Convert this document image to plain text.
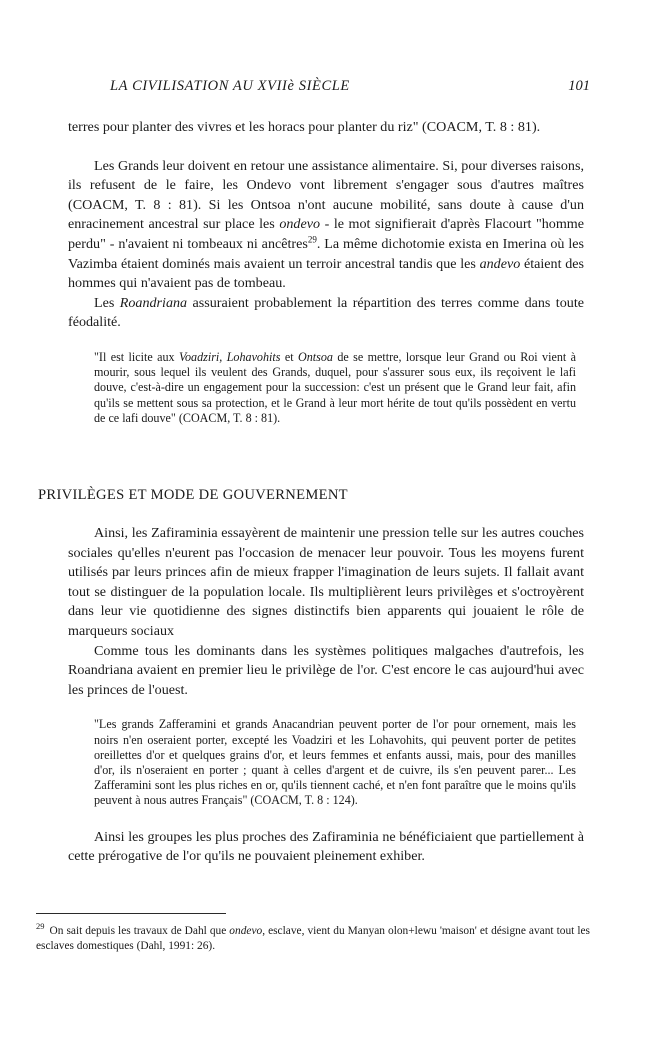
LA CIVILISATION AU XVIIè SIÈCLE	101

terres pour planter des vivres et les horacs pour planter du riz" (COACM, T. 8 : 81).

Les Grands leur doivent en retour une assistance alimentaire. Si, pour diverses raisons, ils refusent de le faire, les Ondevo vont librement s'engager sous d'autres maîtres (COACM, T. 8 : 81). Si les Ontsoa n'ont aucune mobilité, sans doute à cause d'un enracinement ancestral sur place les ondevo - le mot signifierait d'après Flacourt "homme perdu" - n'avaient ni tombeaux ni ancêtres$^{29}$. La même dichotomie exista en Imerina où les Vazimba étaient dominés mais avaient un terroir ancestral tandis que les andevo étaient des hommes qui n'avaient pas de tombeau.

Les Roandriana assuraient probablement la répartition des terres comme dans toute féodalité.

"Il est licite aux Voadziri, Lohavohits et Ontsoa de se mettre, lorsque leur Grand ou Roi vient à mourir, sous lequel ils veulent des Grands, duquel, pour s'assurer sous eux, ils reçoivent le lafi douve, c'est-à-dire un engagement pour la succession: c'est un présent que le Grand leur fait, afin qu'ils se mettent sous sa protection, et le Grand à leur mort hérite de tout qu'ils possèdent en vertu de ce lafi douve" (COACM, T. 8 : 81).

PRIVILÈGES ET MODE DE GOUVERNEMENT

Ainsi, les Zafiraminia essayèrent de maintenir une pression telle sur les autres couches sociales qu'elles n'eurent pas l'occasion de menacer leur pouvoir. Tous les moyens furent utilisés par leurs princes afin de mieux frapper l'imagination de leurs sujets. Il fallait avant tout se distinguer de la population locale. Ils multiplièrent leurs privilèges et s'octroyèrent dans leur vie quotidienne des signes distinctifs bien apparents qui jouaient le rôle de marqueurs sociaux

Comme tous les dominants dans les systèmes politiques malgaches d'autrefois, les Roandriana avaient en premier lieu le privilège de l'or. C'est encore le cas aujourd'hui avec les princes de l'ouest.

"Les grands Zafferamini et grands Anacandrian peuvent porter de l'or pour ornement, mais les noirs n'en oseraient porter, excepté les Voadziri et les Lohavohits, qui peuvent porter de petites oreillettes d'or et quelques grains d'or, et leurs femmes et enfants aussi, mais, pour des manilles d'or, ils n'oseraient en porter ; quant à celles d'argent et de cuivre, ils s'en peuvent parer... Les Zafferamini sont les plus riches en or, qu'ils tiennent caché, et n'en font paraître que le moins qu'ils peuvent à nous autres Français" (COACM, T. 8 : 124).

Ainsi les groupes les plus proches des Zafiraminia ne bénéficiaient que partiellement à cette prérogative de l'or qu'ils ne pouvaient pleinement exhiber.

$^{29}$ On sait depuis les travaux de Dahl que ondevo, esclave, vient du Manyan olon+lewu 'maison' et désigne avant tout les esclaves domestiques (Dahl, 1991: 26).
